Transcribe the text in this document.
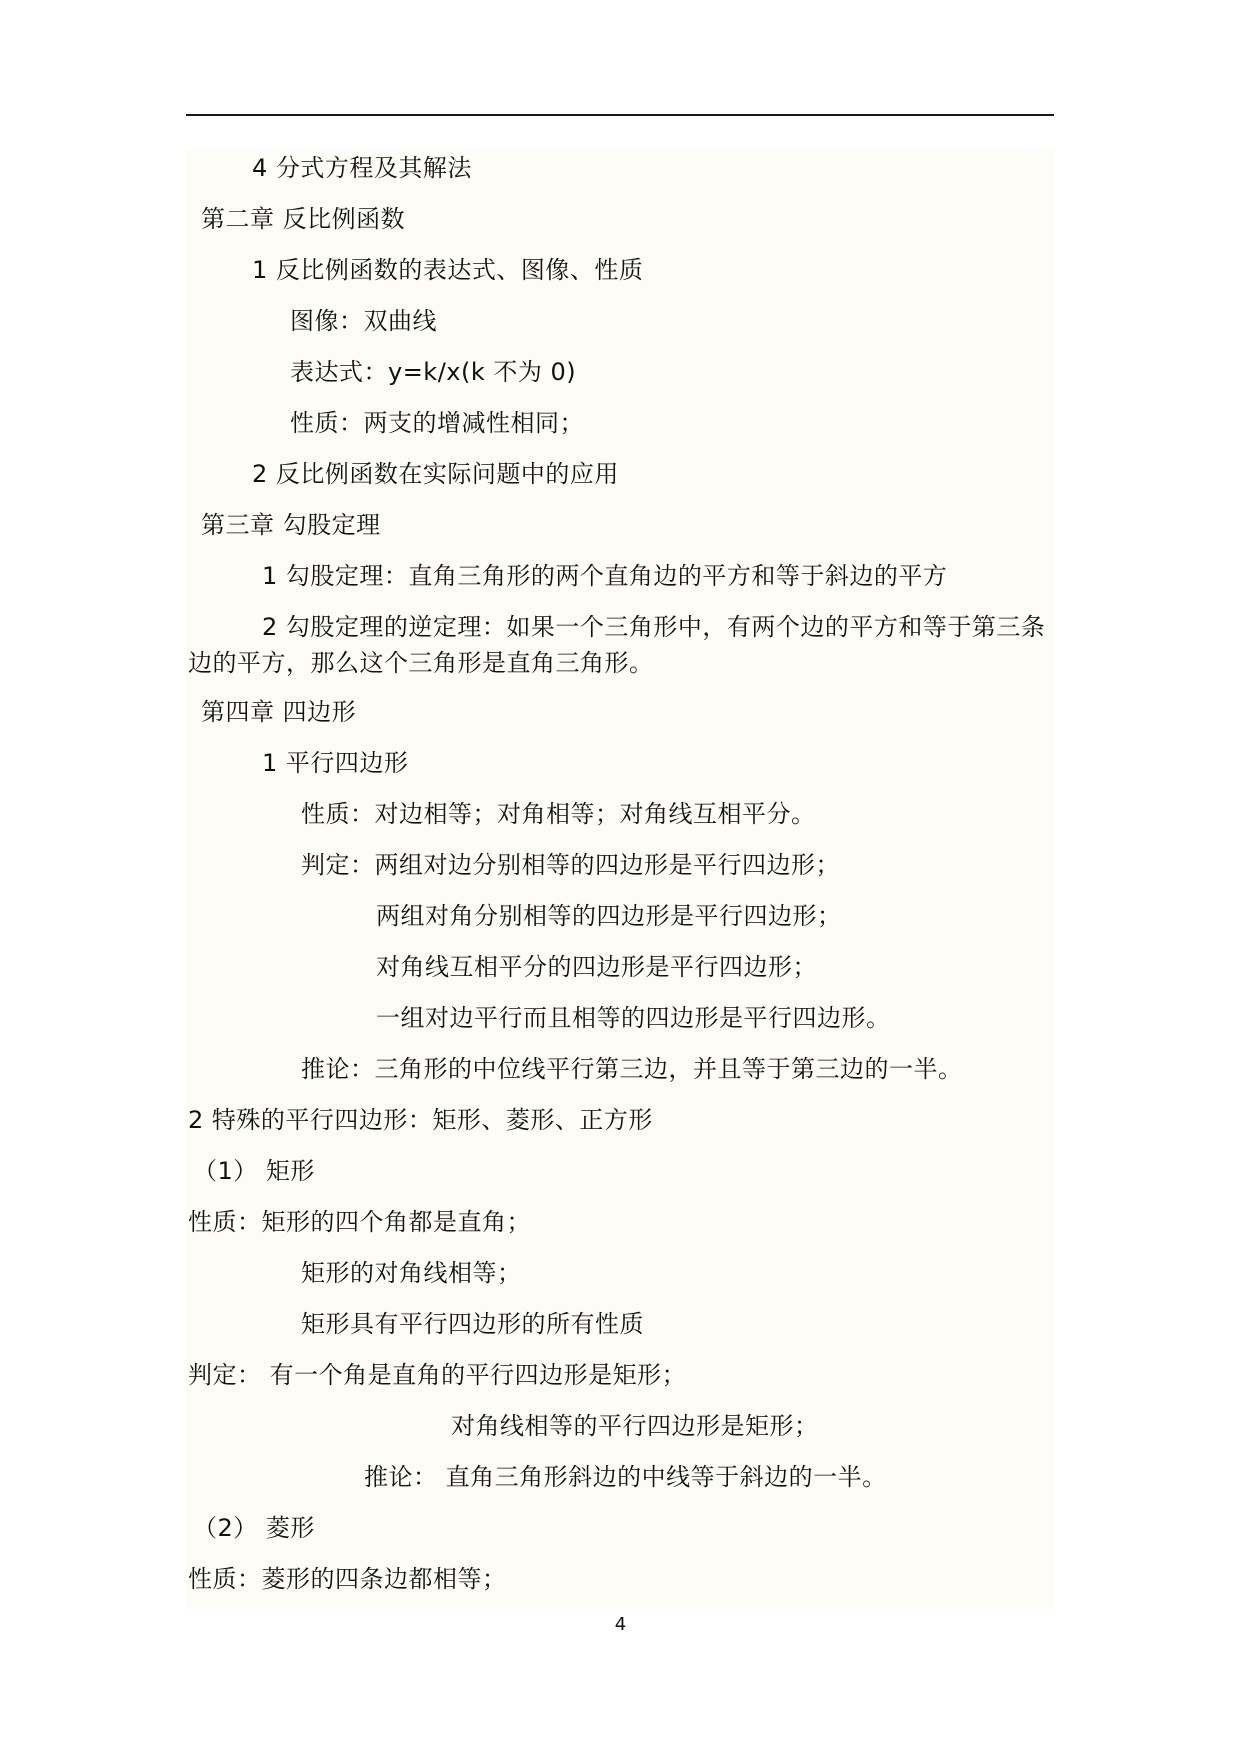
4 分式方程及其解法
第二章 反比例函数
1 反比例函数的表达式、图像、性质
图像：双曲线
表达式：y=k/x(k 不为 0)
性质：两支的增减性相同；
2 反比例函数在实际问题中的应用
第三章 勾股定理
1 勾股定理：直角三角形的两个直角边的平方和等于斜边的平方
2 勾股定理的逆定理：如果一个三角形中，有两个边的平方和等于第三条
边的平方，那么这个三角形是直角三角形。
第四章 四边形
1 平行四边形
性质：对边相等；对角相等；对角线互相平分。
判定：两组对边分别相等的四边形是平行四边形；
两组对角分别相等的四边形是平行四边形；
对角线互相平分的四边形是平行四边形；
一组对边平行而且相等的四边形是平行四边形。
推论：三角形的中位线平行第三边，并且等于第三边的一半。
2 特殊的平行四边形：矩形、菱形、正方形
（1） 矩形
性质：矩形的四个角都是直角；
矩形的对角线相等；
矩形具有平行四边形的所有性质
判定： 有一个角是直角的平行四边形是矩形；
对角线相等的平行四边形是矩形；
推论： 直角三角形斜边的中线等于斜边的一半。
（2） 菱形
性质：菱形的四条边都相等；
4
